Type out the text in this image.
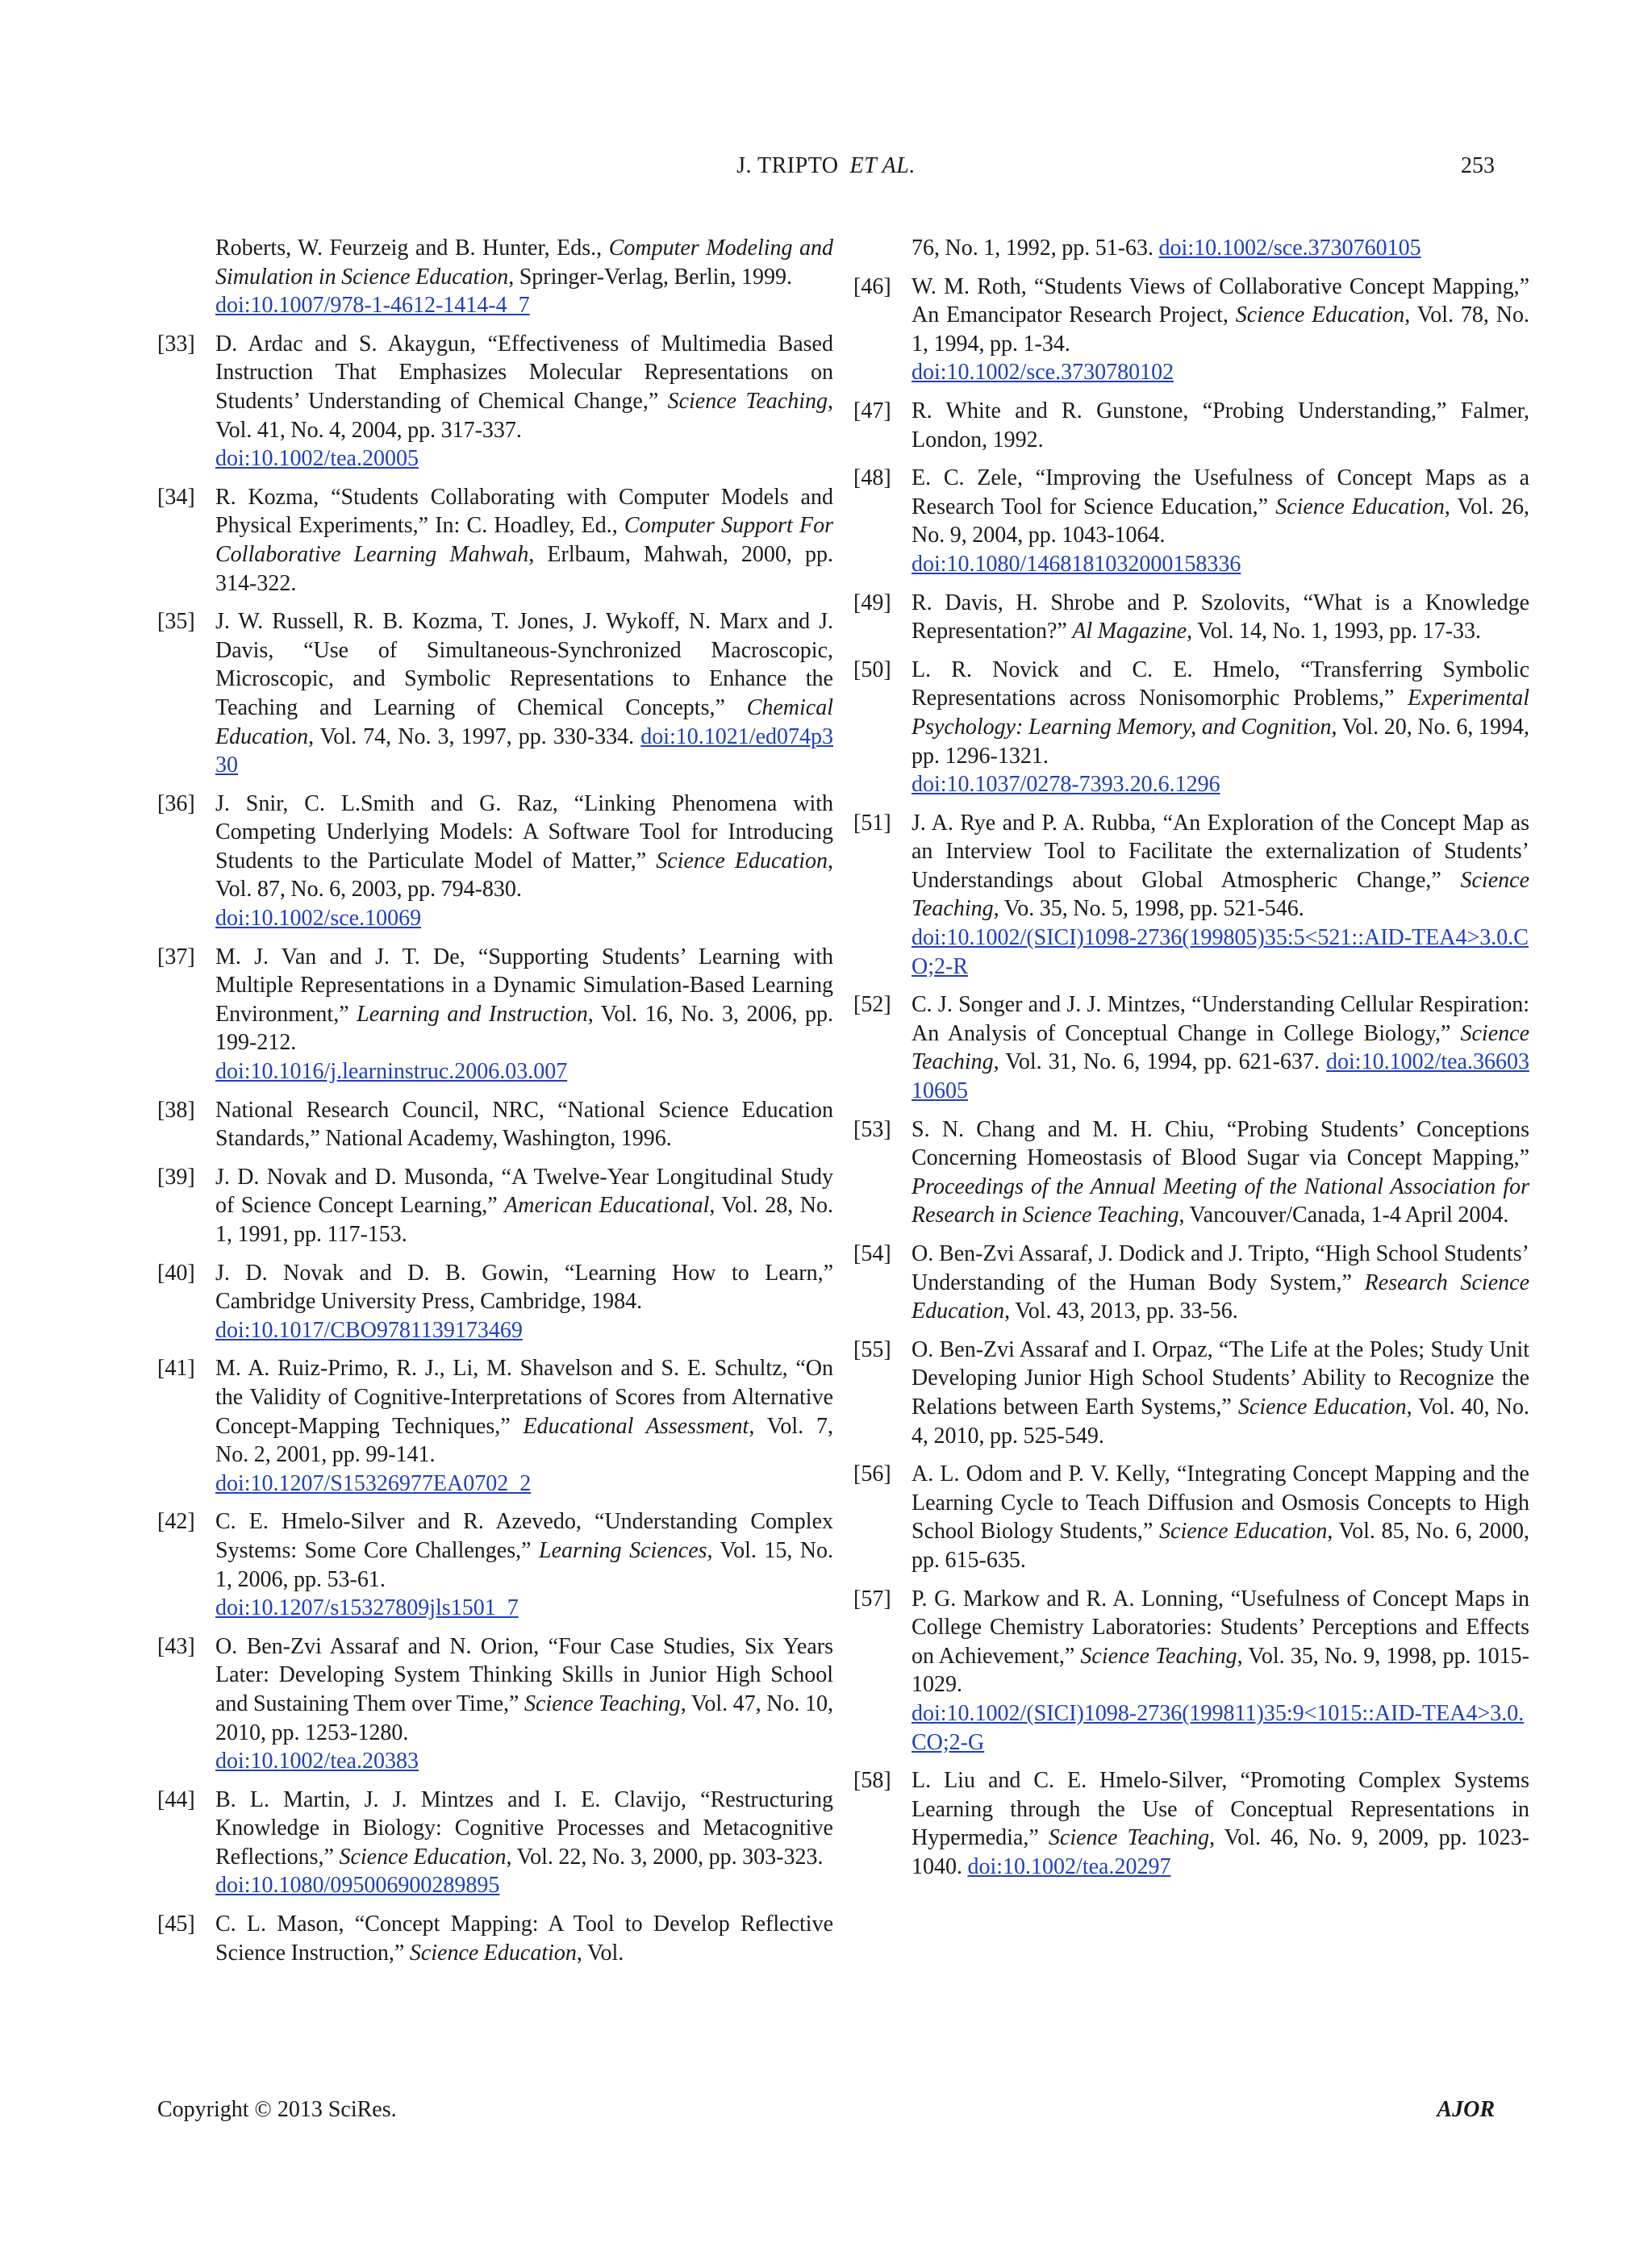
J. TRIPTO ET AL.	253
Roberts, W. Feurzeig and B. Hunter, Eds., Computer Modeling and Simulation in Science Education, Springer-Verlag, Berlin, 1999.
doi:10.1007/978-1-4612-1414-4_7
[33] D. Ardac and S. Akaygun, “Effectiveness of Multimedia Based Instruction That Emphasizes Molecular Representations on Students’ Understanding of Chemical Change,” Science Teaching, Vol. 41, No. 4, 2004, pp. 317-337.
doi:10.1002/tea.20005
[34] R. Kozma, “Students Collaborating with Computer Models and Physical Experiments,” In: C. Hoadley, Ed., Computer Support For Collaborative Learning Mahwah, Erlbaum, Mahwah, 2000, pp. 314-322.
[35] J. W. Russell, R. B. Kozma, T. Jones, J. Wykoff, N. Marx and J. Davis, “Use of Simultaneous-Synchronized Macroscopic, Microscopic, and Symbolic Representations to Enhance the Teaching and Learning of Chemical Concepts,” Chemical Education, Vol. 74, No. 3, 1997, pp. 330-334. doi:10.1021/ed074p330
[36] J. Snir, C. L.Smith and G. Raz, “Linking Phenomena with Competing Underlying Models: A Software Tool for Introducing Students to the Particulate Model of Matter,” Science Education, Vol. 87, No. 6, 2003, pp. 794-830.
doi:10.1002/sce.10069
[37] M. J. Van and J. T. De, “Supporting Students’ Learning with Multiple Representations in a Dynamic Simulation-Based Learning Environment,” Learning and Instruction, Vol. 16, No. 3, 2006, pp. 199-212.
doi:10.1016/j.learninstruc.2006.03.007
[38] National Research Council, NRC, “National Science Education Standards,” National Academy, Washington, 1996.
[39] J. D. Novak and D. Musonda, “A Twelve-Year Longitudinal Study of Science Concept Learning,” American Educational, Vol. 28, No. 1, 1991, pp. 117-153.
[40] J. D. Novak and D. B. Gowin, “Learning How to Learn,” Cambridge University Press, Cambridge, 1984.
doi:10.1017/CBO9781139173469
[41] M. A. Ruiz-Primo, R. J., Li, M. Shavelson and S. E. Schultz, “On the Validity of Cognitive-Interpretations of Scores from Alternative Concept-Mapping Techniques,” Educational Assessment, Vol. 7, No. 2, 2001, pp. 99-141.
doi:10.1207/S15326977EA0702_2
[42] C. E. Hmelo-Silver and R. Azevedo, “Understanding Complex Systems: Some Core Challenges,” Learning Sciences, Vol. 15, No. 1, 2006, pp. 53-61.
doi:10.1207/s15327809jls1501_7
[43] O. Ben-Zvi Assaraf and N. Orion, “Four Case Studies, Six Years Later: Developing System Thinking Skills in Junior High School and Sustaining Them over Time,” Science Teaching, Vol. 47, No. 10, 2010, pp. 1253-1280.
doi:10.1002/tea.20383
[44] B. L. Martin, J. J. Mintzes and I. E. Clavijo, “Restructuring Knowledge in Biology: Cognitive Processes and Metacognitive Reflections,” Science Education, Vol. 22, No. 3, 2000, pp. 303-323.
doi:10.1080/095006900289895
[45] C. L. Mason, “Concept Mapping: A Tool to Develop Reflective Science Instruction,” Science Education, Vol.
76, No. 1, 1992, pp. 51-63. doi:10.1002/sce.3730760105
[46] W. M. Roth, “Students Views of Collaborative Concept Mapping,” An Emancipator Research Project, Science Education, Vol. 78, No. 1, 1994, pp. 1-34.
doi:10.1002/sce.3730780102
[47] R. White and R. Gunstone, “Probing Understanding,” Falmer, London, 1992.
[48] E. C. Zele, “Improving the Usefulness of Concept Maps as a Research Tool for Science Education,” Science Education, Vol. 26, No. 9, 2004, pp. 1043-1064.
doi:10.1080/1468181032000158336
[49] R. Davis, H. Shrobe and P. Szolovits, “What is a Knowledge Representation?” Al Magazine, Vol. 14, No. 1, 1993, pp. 17-33.
[50] L. R. Novick and C. E. Hmelo, “Transferring Symbolic Representations across Nonisomorphic Problems,” Experimental Psychology: Learning Memory, and Cognition, Vol. 20, No. 6, 1994, pp. 1296-1321.
doi:10.1037/0278-7393.20.6.1296
[51] J. A. Rye and P. A. Rubba, “An Exploration of the Concept Map as an Interview Tool to Facilitate the externalization of Students’ Understandings about Global Atmospheric Change,” Science Teaching, Vo. 35, No. 5, 1998, pp. 521-546.
doi:10.1002/(SICI)1098-2736(199805)35:5<521::AID-TEA4>3.0.CO;2-R
[52] C. J. Songer and J. J. Mintzes, “Understanding Cellular Respiration: An Analysis of Conceptual Change in College Biology,” Science Teaching, Vol. 31, No. 6, 1994, pp. 621-637. doi:10.1002/tea.3660310605
[53] S. N. Chang and M. H. Chiu, “Probing Students’ Conceptions Concerning Homeostasis of Blood Sugar via Concept Mapping,” Proceedings of the Annual Meeting of the National Association for Research in Science Teaching, Vancouver/Canada, 1-4 April 2004.
[54] O. Ben-Zvi Assaraf, J. Dodick and J. Tripto, “High School Students’ Understanding of the Human Body System,” Research Science Education, Vol. 43, 2013, pp. 33-56.
[55] O. Ben-Zvi Assaraf and I. Orpaz, “The Life at the Poles; Study Unit Developing Junior High School Students’ Ability to Recognize the Relations between Earth Systems,” Science Education, Vol. 40, No. 4, 2010, pp. 525-549.
[56] A. L. Odom and P. V. Kelly, “Integrating Concept Mapping and the Learning Cycle to Teach Diffusion and Osmosis Concepts to High School Biology Students,” Science Education, Vol. 85, No. 6, 2000, pp. 615-635.
[57] P. G. Markow and R. A. Lonning, “Usefulness of Concept Maps in College Chemistry Laboratories: Students’ Perceptions and Effects on Achievement,” Science Teaching, Vol. 35, No. 9, 1998, pp. 1015-1029.
doi:10.1002/(SICI)1098-2736(199811)35:9<1015::AID-TEA4>3.0.CO;2-G
[58] L. Liu and C. E. Hmelo-Silver, “Promoting Complex Systems Learning through the Use of Conceptual Representations in Hypermedia,” Science Teaching, Vol. 46, No. 9, 2009, pp. 1023-1040. doi:10.1002/tea.20297
Copyright © 2013 SciRes.	AJOR
